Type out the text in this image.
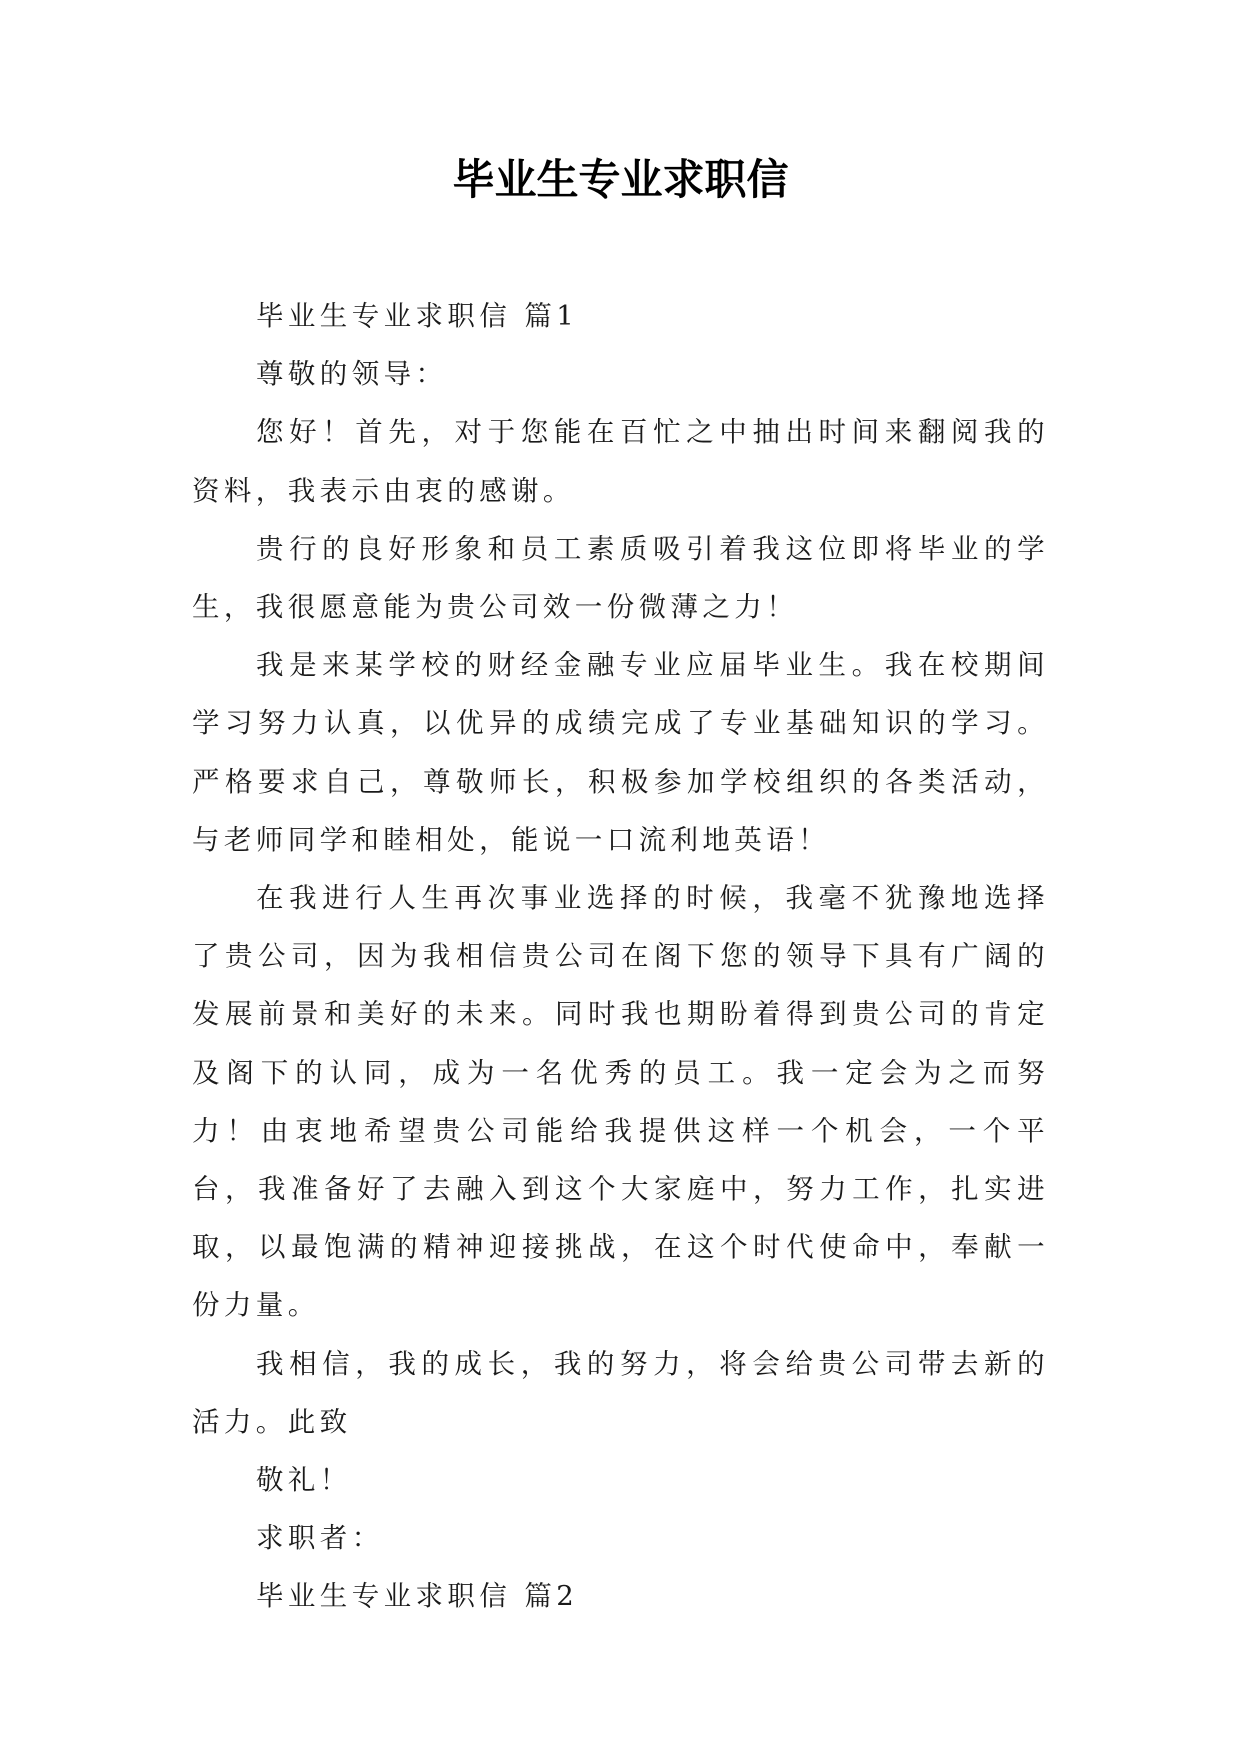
毕业生专业求职信

毕业生专业求职信 篇1

尊敬的领导：

您好！首先，对于您能在百忙之中抽出时间来翻阅我的资料，我表示由衷的感谢。

贵行的良好形象和员工素质吸引着我这位即将毕业的学生，我很愿意能为贵公司效一份微薄之力！

我是来某学校的财经金融专业应届毕业生。我在校期间学习努力认真，以优异的成绩完成了专业基础知识的学习。严格要求自己，尊敬师长，积极参加学校组织的各类活动，与老师同学和睦相处，能说一口流利地英语！

在我进行人生再次事业选择的时候，我毫不犹豫地选择了贵公司，因为我相信贵公司在阁下您的领导下具有广阔的发展前景和美好的未来。同时我也期盼着得到贵公司的肯定及阁下的认同，成为一名优秀的员工。我一定会为之而努力！由衷地希望贵公司能给我提供这样一个机会，一个平台，我准备好了去融入到这个大家庭中，努力工作，扎实进取，以最饱满的精神迎接挑战，在这个时代使命中，奉献一份力量。

我相信，我的成长，我的努力，将会给贵公司带去新的活力。此致

敬礼！

求职者：

毕业生专业求职信 篇2
